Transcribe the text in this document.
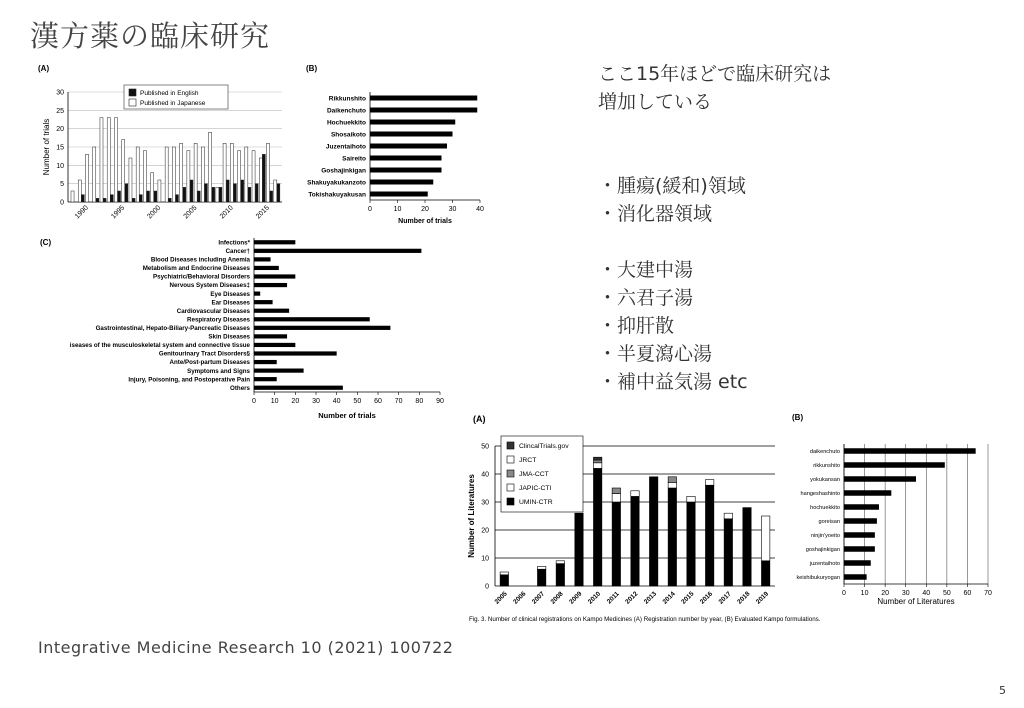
漢方薬の臨床研究
ここ15年ほどで臨床研究は
増加している
・腫瘍(緩和)領域
・消化器領域
・大建中湯
・六君子湯
・抑肝散
・半夏瀉心湯
・補中益気湯 etc
(A)
Number of trials
0
5
10
15
20
25
30
1990	1995	2000	2005	2010	2015
Published in English
Published in Japanese
(B)
0	10	20	30	40
Rikkunshito
Daikenchuto
Hochuekkito
Shosaikoto
Juzentaihoto
Saireito
Goshajinkigan
Shakuyakukanzoto
Tokishakuyakusan
Number of trials
(C)
0 10 20 30 40 50 60 70 80 90
Infections*
Cancer†
Blood Diseases including Anemia
Metabolism and Endocrine Diseases
Psychiatric/Behavioral Disorders
Nervous System Diseases‡
Eye Diseases
Ear Diseases
Cardiovascular Diseases
Respiratory Diseases
Gastrointestinal, Hepato-Biliary-Pancreatic Diseases
Skin Diseases
iseases of the musculoskeletal system and connective tissue
Genitourinary Tract Disorders§
Ante/Post-partum Diseases
Symptoms and Signs
Injury, Poisoning, and Postoperative Pain
Others
Number of trials	(A)
Number of Literatures
0
10
20
30
40
50
2005 2006 2007 2008 2009 2010 2011 2012 2013 2014 2015 2016 2017 2018 2019
ClincalTrials.gov
JRCT
JMA-CCT
JAPIC-CTI
UMIN-CTR
Fig. 3. Number of clinical registrations on Kampo Medicines (A) Registration number by year, (B) Evaluated Kampo formulations.
(B)
0 10 20 30 40 50 60 70
daikenchuto
rikkunshito
yokukansan
hangeshashinto
hochuekkito
goreisan
ninjin'yoeito
goshajinkigan
juzentaihoto
keishibukuryogan
Number of Literatures
Integrative Medicine Research 10 (2021) 100722
5
